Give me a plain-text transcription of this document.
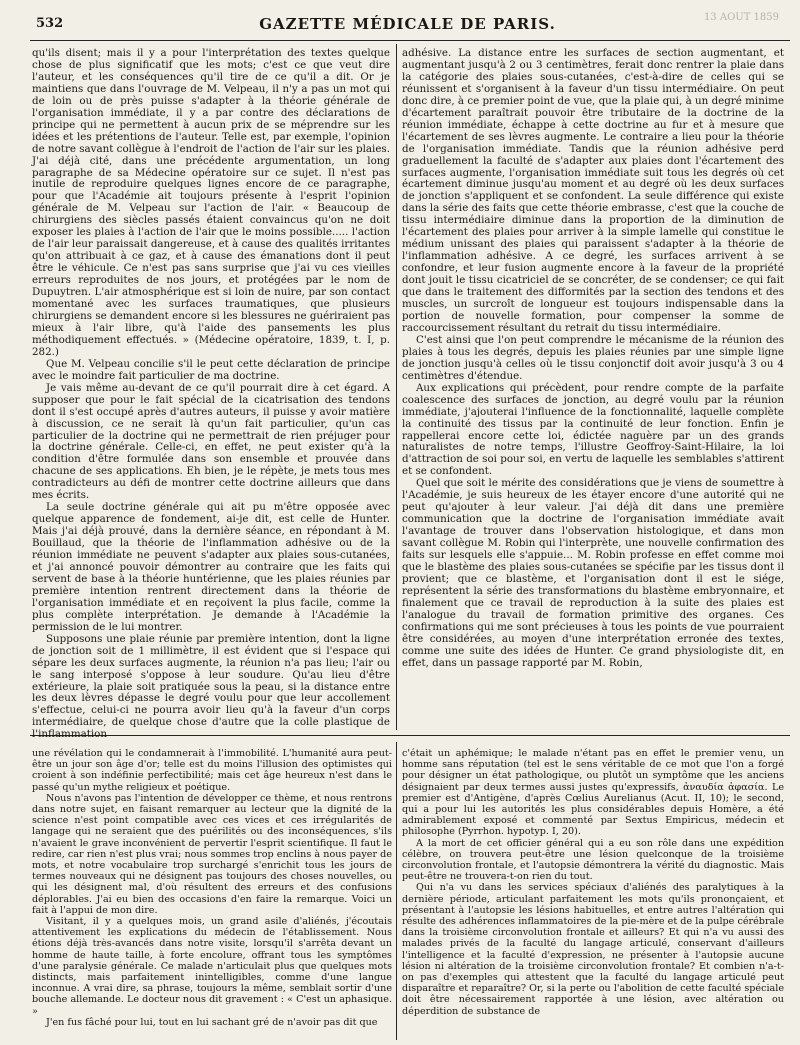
532	GAZETTE MÉDICALE DE PARIS.	13 AOUT 1859

qu'ils disent; mais il y a pour l'interprétation des textes quelque chose de plus significatif que les mots; c'est ce que veut dire l'auteur, et les conséquences qu'il tire de ce qu'il a dit. Or je maintiens que dans l'ouvrage de M. Velpeau, il n'y a pas un mot qui de loin ou de près puisse s'adapter à la théorie générale de l'organisation immédiate, il y a par contre des déclarations de principe qui ne permettent à aucun prix de se méprendre sur les idées et les prétentions de l'auteur. Telle est, par exemple, l'opinion de notre savant collègue à l'endroit de l'action de l'air sur les plaies. J'ai déjà cité, dans une précédente argumentation, un long paragraphe de sa Médecine opératoire sur ce sujet. Il n'est pas inutile de reproduire quelques lignes encore de ce paragraphe, pour que l'Académie ait toujours présente à l'esprit l'opinion générale de M. Velpeau sur l'action de l'air. « Beaucoup de chirurgiens des siècles passés étaient convaincus qu'on ne doit exposer les plaies à l'action de l'air que le moins possible..... l'action de l'air leur paraissait dangereuse, et à cause des qualités irritantes qu'on attribuait à ce gaz, et à cause des émanations dont il peut être le véhicule. Ce n'est pas sans surprise que j'ai vu ces vieilles erreurs reproduites de nos jours, et protégées par le nom de Dupuytren. L'air atmosphérique est si loin de nuire, par son contact momentané avec les surfaces traumatiques, que plusieurs chirurgiens se demandent encore si les blessures ne guériraient pas mieux à l'air libre, qu'à l'aide des pansements les plus méthodiquement effectués. » (Médecine opératoire, 1839, t. I, p. 282.)

Que M. Velpeau concilie s'il le peut cette déclaration de principe avec le moindre fait particulier de ma doctrine.

Je vais même au-devant de ce qu'il pourrait dire à cet égard. A supposer que pour le fait spécial de la cicatrisation des tendons dont il s'est occupé après d'autres auteurs, il puisse y avoir matière à discussion, ce ne serait là qu'un fait particulier, qu'un cas particulier de la doctrine qui ne permettrait de rien préjuger pour la doctrine générale. Celle-ci, en effet, ne peut exister qu'à la condition d'être formulée dans son ensemble et prouvée dans chacune de ses applications. Eh bien, je le répète, je mets tous mes contradicteurs au défi de montrer cette doctrine ailleurs que dans mes écrits.

La seule doctrine générale qui ait pu m'être opposée avec quelque apparence de fondement, ai-je dit, est celle de Hunter. Mais j'ai déjà prouvé, dans la dernière séance, en répondant à M. Bouillaud, que la théorie de l'inflammation adhésive ou de la réunion immédiate ne peuvent s'adapter aux plaies sous-cutanées, et j'ai annoncé pouvoir démontrer au contraire que les faits qui servent de base à la théorie huntérienne, que les plaies réunies par première intention rentrent directement dans la théorie de l'organisation immédiate et en reçoivent la plus facile, comme la plus complète interprétation. Je demande à l'Académie la permission de le lui montrer.

Supposons une plaie réunie par première intention, dont la ligne de jonction soit de 1 millimètre, il est évident que si l'espace qui sépare les deux surfaces augmente, la réunion n'a pas lieu; l'air ou le sang interposé s'oppose à leur soudure. Qu'au lieu d'être extérieure, la plaie soit pratiquée sous la peau, si la distance entre les deux lèvres dépasse le degré voulu pour que leur accollement s'effectue, celui-ci ne pourra avoir lieu qu'à la faveur d'un corps intermédiaire, de quelque chose d'autre que la colle plastique de l'inflammation

adhésive. La distance entre les surfaces de section augmentant, et augmentant jusqu'à 2 ou 3 centimètres, ferait donc rentrer la plaie dans la catégorie des plaies sous-cutanées, c'est-à-dire de celles qui se réunissent et s'organisent à la faveur d'un tissu intermédiaire. On peut donc dire, à ce premier point de vue, que la plaie qui, à un degré minime d'écartement paraîtrait pouvoir être tributaire de la doctrine de la réunion immédiate, échappe à cette doctrine au fur et à mesure que l'écartement de ses lèvres augmente. Le contraire a lieu pour la théorie de l'organisation immédiate. Tandis que la réunion adhésive perd graduellement la faculté de s'adapter aux plaies dont l'écartement des surfaces augmente, l'organisation immédiate suit tous les degrés où cet écartement diminue jusqu'au moment et au degré où les deux surfaces de jonction s'appliquent et se confondent. La seule différence qui existe dans la série des faits que cette théorie embrasse, c'est que la couche de tissu intermédiaire diminue dans la proportion de la diminution de l'écartement des plaies pour arriver à la simple lamelle qui constitue le médium unissant des plaies qui paraissent s'adapter à la théorie de l'inflammation adhésive. A ce degré, les surfaces arrivent à se confondre, et leur fusion augmente encore à la faveur de la propriété dont jouit le tissu cicatriciel de se concréter, de se condenser; ce qui fait que dans le traitement des difformités par la section des tendons et des muscles, un surcroît de longueur est toujours indispensable dans la portion de nouvelle formation, pour compenser la somme de raccourcissement résultant du retrait du tissu intermédiaire.

C'est ainsi que l'on peut comprendre le mécanisme de la réunion des plaies à tous les degrés, depuis les plaies réunies par une simple ligne de jonction jusqu'à celles où le tissu conjonctif doit avoir jusqu'à 3 ou 4 centimètres d'étendue.

Aux explications qui précèdent, pour rendre compte de la parfaite coalescence des surfaces de jonction, au degré voulu par la réunion immédiate, j'ajouterai l'influence de la fonctionnalité, laquelle complète la continuité des tissus par la continuité de leur fonction. Enfin je rappellerai encore cette loi, édictée naguère par un des grands naturalistes de notre temps, l'illustre Geoffroy-Saint-Hilaire, la loi d'attraction de soi pour soi, en vertu de laquelle les semblables s'attirent et se confondent.

Quel que soit le mérite des considérations que je viens de soumettre à l'Académie, je suis heureux de les étayer encore d'une autorité qui ne peut qu'ajouter à leur valeur. J'ai déjà dit dans une première communication que la doctrine de l'organisation immédiate avait l'avantage de trouver dans l'observation histologique, et dans mon savant collègue M. Robin qui l'interprète, une nouvelle confirmation des faits sur lesquels elle s'appuie... M. Robin professe en effet comme moi que le blastème des plaies sous-cutanées se spécifie par les tissus dont il provient; que ce blastème, et l'organisation dont il est le siége, représentent la série des transformations du blastème embryonnaire, et finalement que ce travail de reproduction à la suite des plaies est l'analogue du travail de formation primitive des organes. Ces confirmations qui me sont précieuses à tous les points de vue pourraient être considérées, au moyen d'une interprétation erronée des textes, comme une suite des idées de Hunter. Ce grand physiologiste dit, en effet, dans un passage rapporté par M. Robin,

une révélation qui le condamnerait à l'immobilité. L'humanité aura peut-être un jour son âge d'or; telle est du moins l'illusion des optimistes qui croient à son indéfinie perfectibilité; mais cet âge heureux n'est dans le passé qu'un mythe religieux et poétique.

Nous n'avons pas l'intention de développer ce thème, et nous rentrons dans notre sujet, en faisant remarquer au lecteur que la dignité de la science n'est point compatible avec ces vices et ces irrégularités de langage qui ne seraient que des puérilités ou des inconséquences, s'ils n'avaient le grave inconvénient de pervertir l'esprit scientifique. Il faut le redire, car rien n'est plus vrai; nous sommes trop enclins à nous payer de mots, et notre vocabulaire trop surchargé s'enrichit tous les jours de termes nouveaux qui ne désignent pas toujours des choses nouvelles, ou qui les désignent mal, d'où résultent des erreurs et des confusions déplorables. J'ai eu bien des occasions d'en faire la remarque. Voici un fait à l'appui de mon dire.

Visitant, il y a quelques mois, un grand asile d'aliénés, j'écoutais attentivement les explications du médecin de l'établissement. Nous étions déjà très-avancés dans notre visite, lorsqu'il s'arrêta devant un homme de haute taille, à forte encolure, offrant tous les symptômes d'une paralysie générale. Ce malade n'articulait plus que quelques mots distincts, mais parfaitement inintelligibles, comme d'une langue inconnue. A vrai dire, sa phrase, toujours la même, semblait sortir d'une bouche allemande. Le docteur nous dit gravement : « C'est un aphasique. »

J'en fus fâché pour lui, tout en lui sachant gré de n'avoir pas dit que

c'était un aphémique; le malade n'étant pas en effet le premier venu, un homme sans réputation (tel est le sens véritable de ce mot que l'on a forgé pour désigner un état pathologique, ou plutôt un symptôme que les anciens désignaient par deux termes aussi justes qu'expressifs, ἀναυδία ἀφασία. Le premier est d'Antigène, d'après Cœlius Aurelianus (Acut. II, 10); le second, qui a pour lui les autorités les plus considérables depuis Homère, a été admirablement exposé et commenté par Sextus Empiricus, médecin et philosophe (Pyrrhon. hypotyp. I, 20).

A la mort de cet officier général qui a eu son rôle dans une expédition célèbre, on trouvera peut-être une lésion quelconque de la troisième circonvolution frontale, et l'autopsie démontrera la vérité du diagnostic. Mais peut-être ne trouvera-t-on rien du tout.

Qui n'a vu dans les services spéciaux d'aliénés des paralytiques à la dernière période, articulant parfaitement les mots qu'ils prononçaient, et présentant à l'autopsie les lésions habituelles, et entre autres l'altération qui résulte des adhérences inflammatoires de la pie-mère et de la pulpe cérébrale dans la troisième circonvolution frontale et ailleurs? Et qui n'a vu aussi des malades privés de la faculté du langage articulé, conservant d'ailleurs l'intelligence et la faculté d'expression, ne présenter à l'autopsie aucune lésion ni altération de la troisième circonvolution frontale? Et combien n'a-t-on pas d'exemples qui attestent que la faculté du langage articulé peut disparaître et reparaître? Or, si la perte ou l'abolition de cette faculté spéciale doit être nécessairement rapportée à une lésion, avec altération ou déperdition de substance de
